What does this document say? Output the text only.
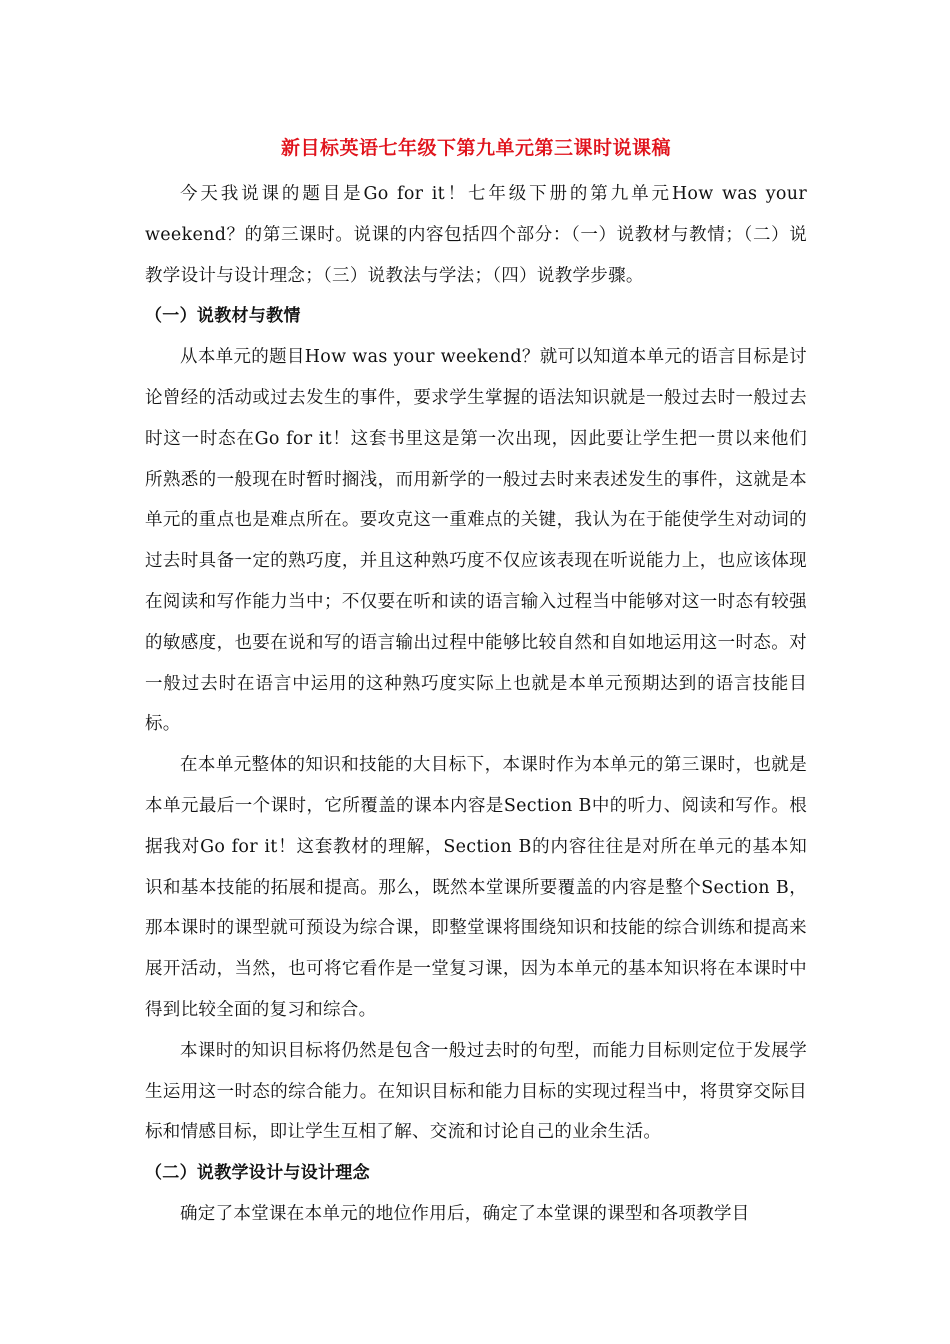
新目标英语七年级下第九单元第三课时说课稿

今天我说课的题目是Go for it！七年级下册的第九单元How was your weekend？的第三课时。说课的内容包括四个部分：（一）说教材与教情；（二）说教学设计与设计理念；（三）说教法与学法；（四）说教学步骤。

（一）说教材与教情

从本单元的题目How was your weekend？就可以知道本单元的语言目标是讨论曾经的活动或过去发生的事件，要求学生掌握的语法知识就是一般过去时一般过去时这一时态在Go for it！这套书里这是第一次出现，因此要让学生把一贯以来他们所熟悉的一般现在时暂时搁浅，而用新学的一般过去时来表述发生的事件，这就是本单元的重点也是难点所在。要攻克这一重难点的关键，我认为在于能使学生对动词的过去时具备一定的熟巧度，并且这种熟巧度不仅应该表现在听说能力上，也应该体现在阅读和写作能力当中；不仅要在听和读的语言输入过程当中能够对这一时态有较强的敏感度，也要在说和写的语言输出过程中能够比较自然和自如地运用这一时态。对一般过去时在语言中运用的这种熟巧度实际上也就是本单元预期达到的语言技能目标。

在本单元整体的知识和技能的大目标下，本课时作为本单元的第三课时，也就是本单元最后一个课时，它所覆盖的课本内容是Section B中的听力、阅读和写作。根据我对Go for it！这套教材的理解，Section B的内容往往是对所在单元的基本知识和基本技能的拓展和提高。那么，既然本堂课所要覆盖的内容是整个Section B，那本课时的课型就可预设为综合课，即整堂课将围绕知识和技能的综合训练和提高来展开活动，当然，也可将它看作是一堂复习课，因为本单元的基本知识将在本课时中得到比较全面的复习和综合。

本课时的知识目标将仍然是包含一般过去时的句型，而能力目标则定位于发展学生运用这一时态的综合能力。在知识目标和能力目标的实现过程当中，将贯穿交际目标和情感目标，即让学生互相了解、交流和讨论自己的业余生活。

（二）说教学设计与设计理念

确定了本堂课在本单元的地位作用后，确定了本堂课的课型和各项教学目
